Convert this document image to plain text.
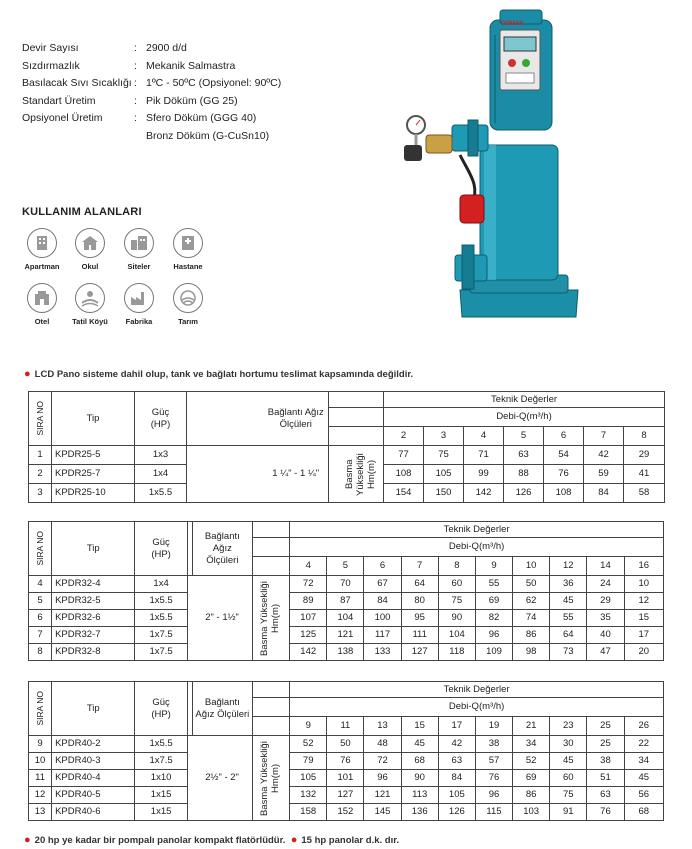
Devir Sayısı	: 2900 d/d
Sızdırmazlık	: Mekanik Salmastra
Basılacak Sıvı Sıcaklığı : 1ºC - 50ºC (Opsiyonel: 90ºC)
Standart Üretim	: Pik Döküm (GG 25)
Opsiyonel Üretim	: Sfero Döküm (GGG 40)
Bronz Döküm (G-CuSn10)
KULLANIM ALANLARI
Apartman	Okul	Siteler	Hastane
Otel	Tatil Köyü	Fabrika	Tarım
DOMAK
● LCD Pano sisteme dahil olup, tank ve bağlatı hortumu teslimat kapsamında değildir.
SIRA NO	Tip	Güç (HP)		Bağlantı Ağız Ölçüleri		Teknik Değerler						
						Debi-Q(m³/h)						
						2	3	4	5	6	7	8
1	KPDR25-5	1x3		1 ¼" - 1 ¼"	Basma Yüksekliği Hm(m)	77	75	71	63	54	42	29
2	KPDR25-7	1x4				108	105	99	88	76	59	41
3	KPDR25-10	1x5.5				154	150	142	126	108	84	58
SIRA NO	Tip	Güç (HP)		Bağlantı Ağız Ölçüleri		Teknik Değerler									
						Debi-Q(m³/h)									
						4	5	6	7	8	9	10	12	14	16
4	KPDR32-4	1x4		2" - 1½"	Basma Yüksekliği Hm(m)	72	70	67	64	60	55	50	36	24	10
5	KPDR32-5	1x5.5				89	87	84	80	75	69	62	45	29	12
6	KPDR32-6	1x5.5				107	104	100	95	90	82	74	55	35	15
7	KPDR32-7	1x7.5				125	121	117	111	104	96	86	64	40	17
8	KPDR32-8	1x7.5				142	138	133	127	118	109	98	73	47	20
SIRA NO	Tip	Güç (HP)		Bağlantı Ağız Ölçüleri		Teknik Değerler									
						Debi-Q(m³/h)									
						9	11	13	15	17	19	21	23	25	26
9	KPDR40-2	1x5.5		2½" - 2"	Basma Yüksekliği Hm(m)	52	50	48	45	42	38	34	30	25	22
10	KPDR40-3	1x7.5				79	76	72	68	63	57	52	45	38	34
11	KPDR40-4	1x10				105	101	96	90	84	76	69	60	51	45
12	KPDR40-5	1x15				132	127	121	113	105	96	86	75	63	56
13	KPDR40-6	1x15				158	152	145	136	126	115	103	91	76	68
● 20 hp ye kadar bir pompalı panolar kompakt flatörlüdür. ● 15 hp panolar d.k. dır.
